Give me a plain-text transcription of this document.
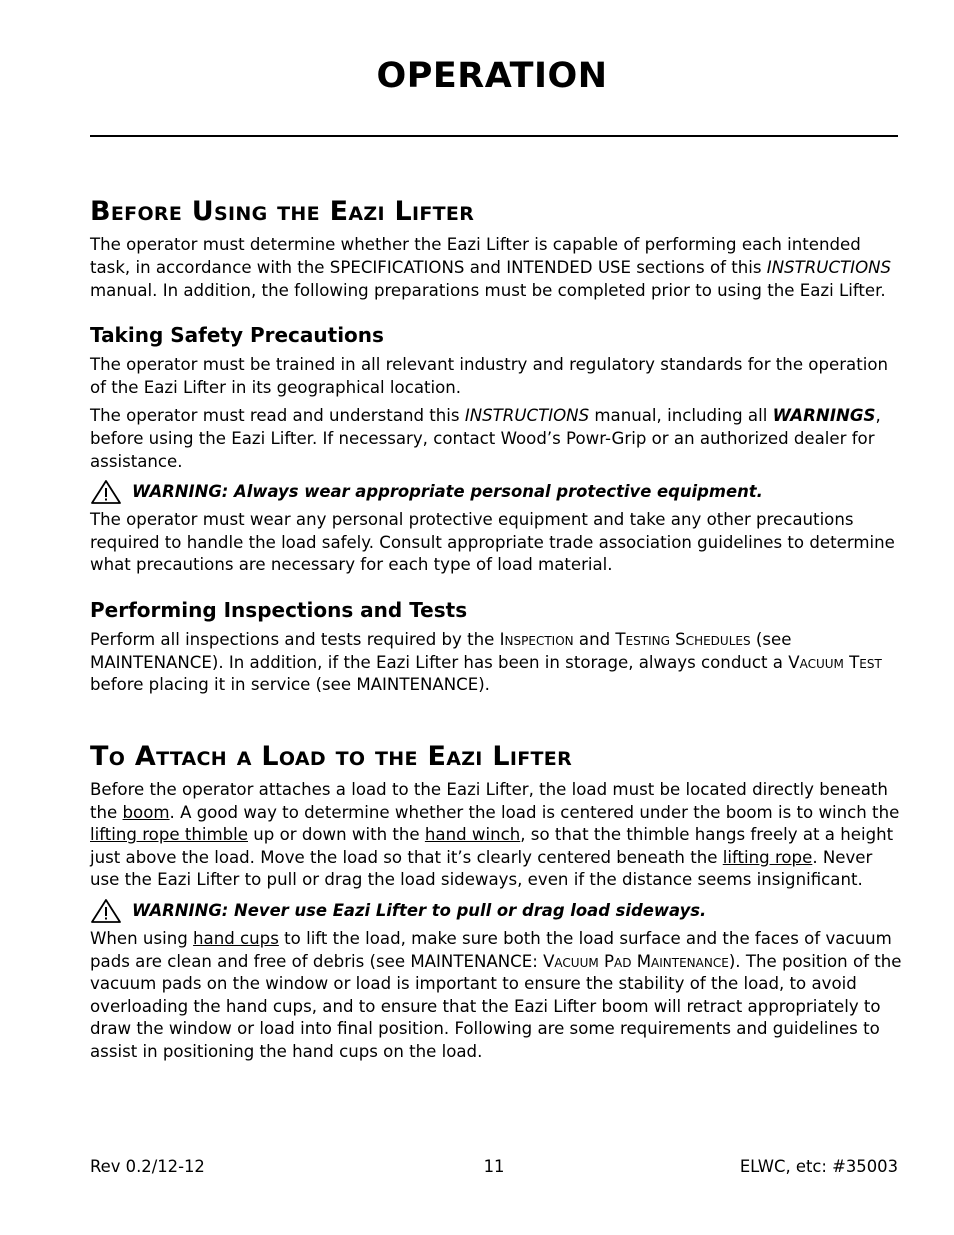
OPERATION
Before Using the Eazi Lifter

The operator must determine whether the Eazi Lifter is capable of performing each intended task, in accordance with the SPECIFICATIONS and INTENDED USE sections of this INSTRUCTIONS manual. In addition, the following preparations must be completed prior to using the Eazi Lifter.

Taking Safety Precautions

The operator must be trained in all relevant industry and regulatory standards for the operation of the Eazi Lifter in its geographical location.

The operator must read and understand this INSTRUCTIONS manual, including all WARNINGS, before using the Eazi Lifter. If necessary, contact Wood’s Powr-Grip or an authorized dealer for assistance.

WARNING: Always wear appropriate personal protective equipment.

The operator must wear any personal protective equipment and take any other precautions required to handle the load safely. Consult appropriate trade association guidelines to determine what precautions are necessary for each type of load material.

Performing Inspections and Tests

Perform all inspections and tests required by the Inspection and Testing Schedules (see MAINTENANCE). In addition, if the Eazi Lifter has been in storage, always conduct a Vacuum Test before placing it in service (see MAINTENANCE).

To Attach a Load to the Eazi Lifter

Before the operator attaches a load to the Eazi Lifter, the load must be located directly beneath the boom. A good way to determine whether the load is centered under the boom is to winch the lifting rope thimble up or down with the hand winch, so that the thimble hangs freely at a height just above the load. Move the load so that it’s clearly centered beneath the lifting rope. Never use the Eazi Lifter to pull or drag the load sideways, even if the distance seems insignificant.

WARNING: Never use Eazi Lifter to pull or drag load sideways.

When using hand cups to lift the load, make sure both the load surface and the faces of vacuum pads are clean and free of debris (see MAINTENANCE: Vacuum Pad Maintenance). The position of the vacuum pads on the window or load is important to ensure the stability of the load, to avoid overloading the hand cups, and to ensure that the Eazi Lifter boom will retract appropriately to draw the window or load into final position. Following are some requirements and guidelines to assist in positioning the hand cups on the load.

Rev 0.2/12-12	11	ELWC, etc: #35003
